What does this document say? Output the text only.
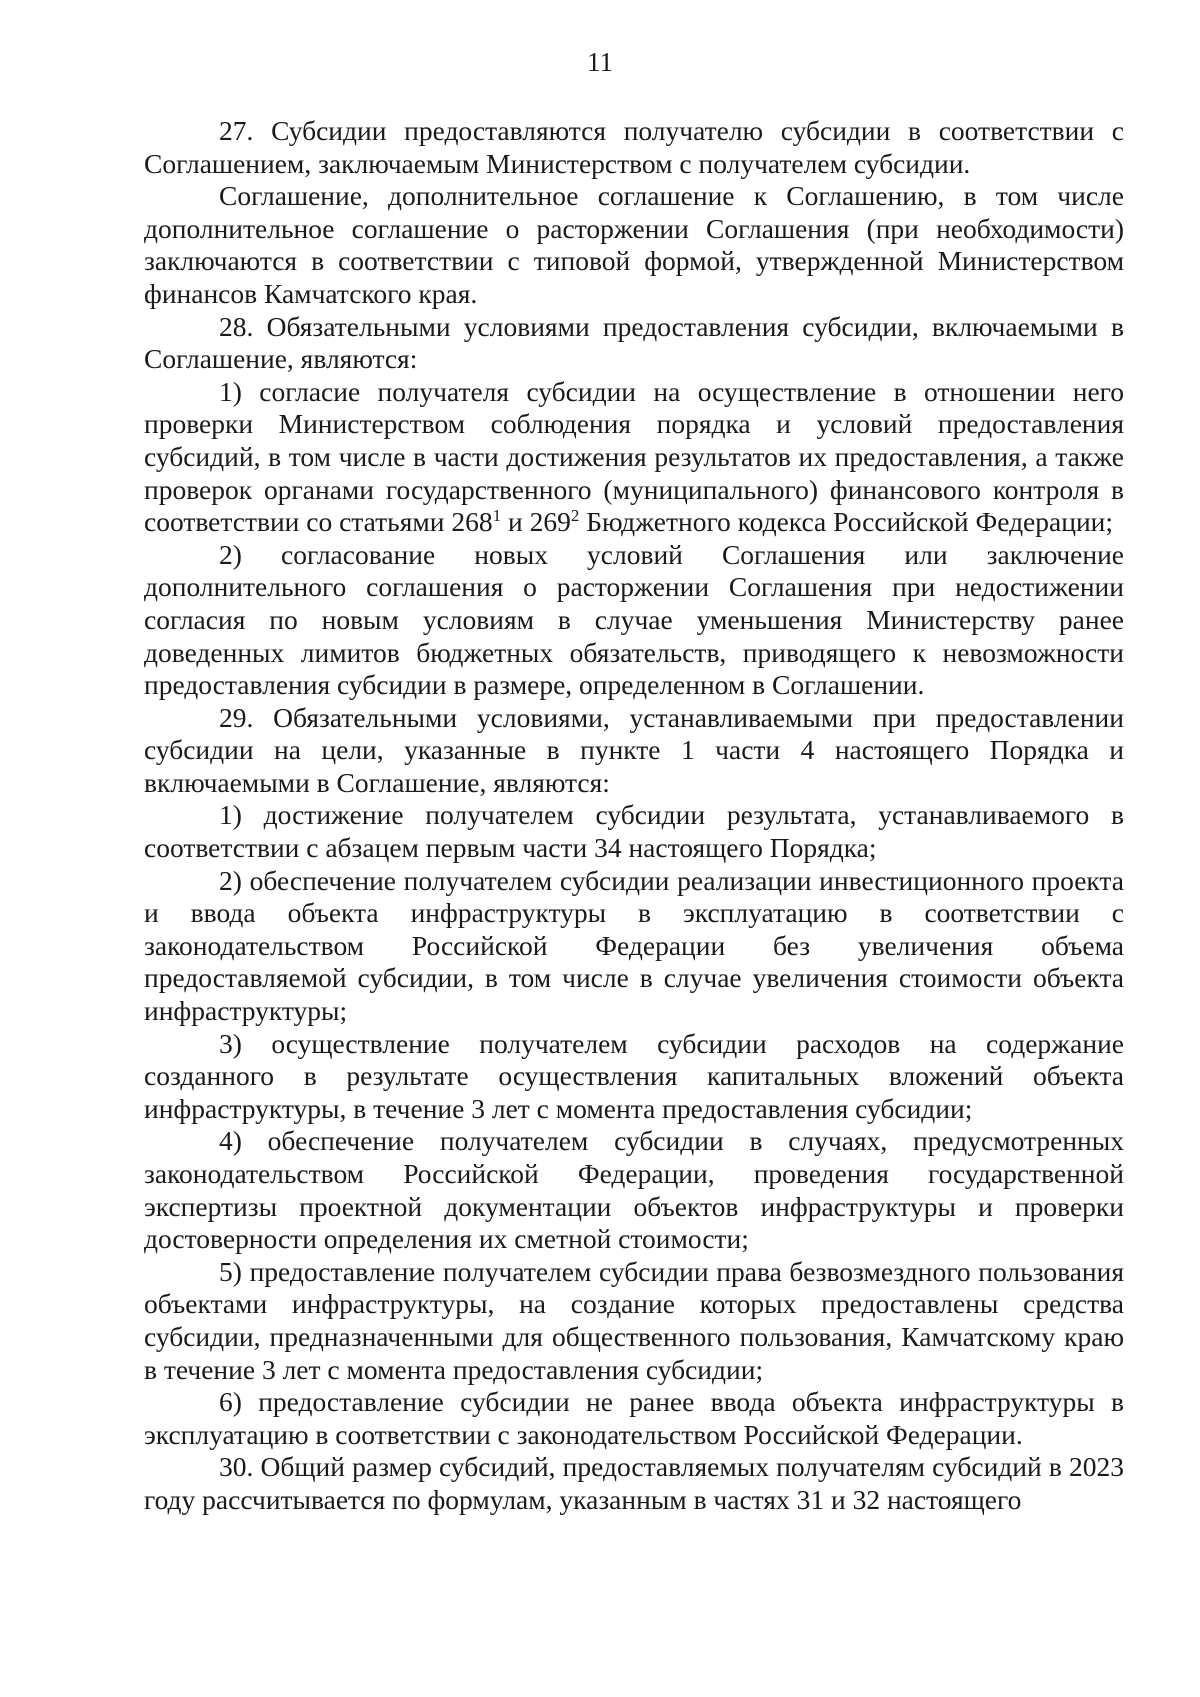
11

27. Субсидии предоставляются получателю субсидии в соответствии с Соглашением, заключаемым Министерством с получателем субсидии.

Соглашение, дополнительное соглашение к Соглашению, в том числе дополнительное соглашение о расторжении Соглашения (при необходимости) заключаются в соответствии с типовой формой, утвержденной Министерством финансов Камчатского края.

28. Обязательными условиями предоставления субсидии, включаемыми в Соглашение, являются:

1) согласие получателя субсидии на осуществление в отношении него проверки Министерством соблюдения порядка и условий предоставления субсидий, в том числе в части достижения результатов их предоставления, а также проверок органами государственного (муниципального) финансового контроля в соответствии со статьями $268^1$ и $269^2$ Бюджетного кодекса Российской Федерации;

2) согласование новых условий Соглашения или заключение дополнительного соглашения о расторжении Соглашения при недостижении согласия по новым условиям в случае уменьшения Министерству ранее доведенных лимитов бюджетных обязательств, приводящего к невозможности предоставления субсидии в размере, определенном в Соглашении.

29. Обязательными условиями, устанавливаемыми при предоставлении субсидии на цели, указанные в пункте 1 части 4 настоящего Порядка и включаемыми в Соглашение, являются:

1) достижение получателем субсидии результата, устанавливаемого в соответствии с абзацем первым части 34 настоящего Порядка;

2) обеспечение получателем субсидии реализации инвестиционного проекта и ввода объекта инфраструктуры в эксплуатацию в соответствии с законодательством Российской Федерации без увеличения объема предоставляемой субсидии, в том числе в случае увеличения стоимости объекта инфраструктуры;

3) осуществление получателем субсидии расходов на содержание созданного в результате осуществления капитальных вложений объекта инфраструктуры, в течение 3 лет с момента предоставления субсидии;

4) обеспечение получателем субсидии в случаях, предусмотренных законодательством Российской Федерации, проведения государственной экспертизы проектной документации объектов инфраструктуры и проверки достоверности определения их сметной стоимости;

5) предоставление получателем субсидии права безвозмездного пользования объектами инфраструктуры, на создание которых предоставлены средства субсидии, предназначенными для общественного пользования, Камчатскому краю в течение 3 лет с момента предоставления субсидии;

6) предоставление субсидии не ранее ввода объекта инфраструктуры в эксплуатацию в соответствии с законодательством Российской Федерации.

30. Общий размер субсидий, предоставляемых получателям субсидий в 2023 году рассчитывается по формулам, указанным в частях 31 и 32 настоящего
